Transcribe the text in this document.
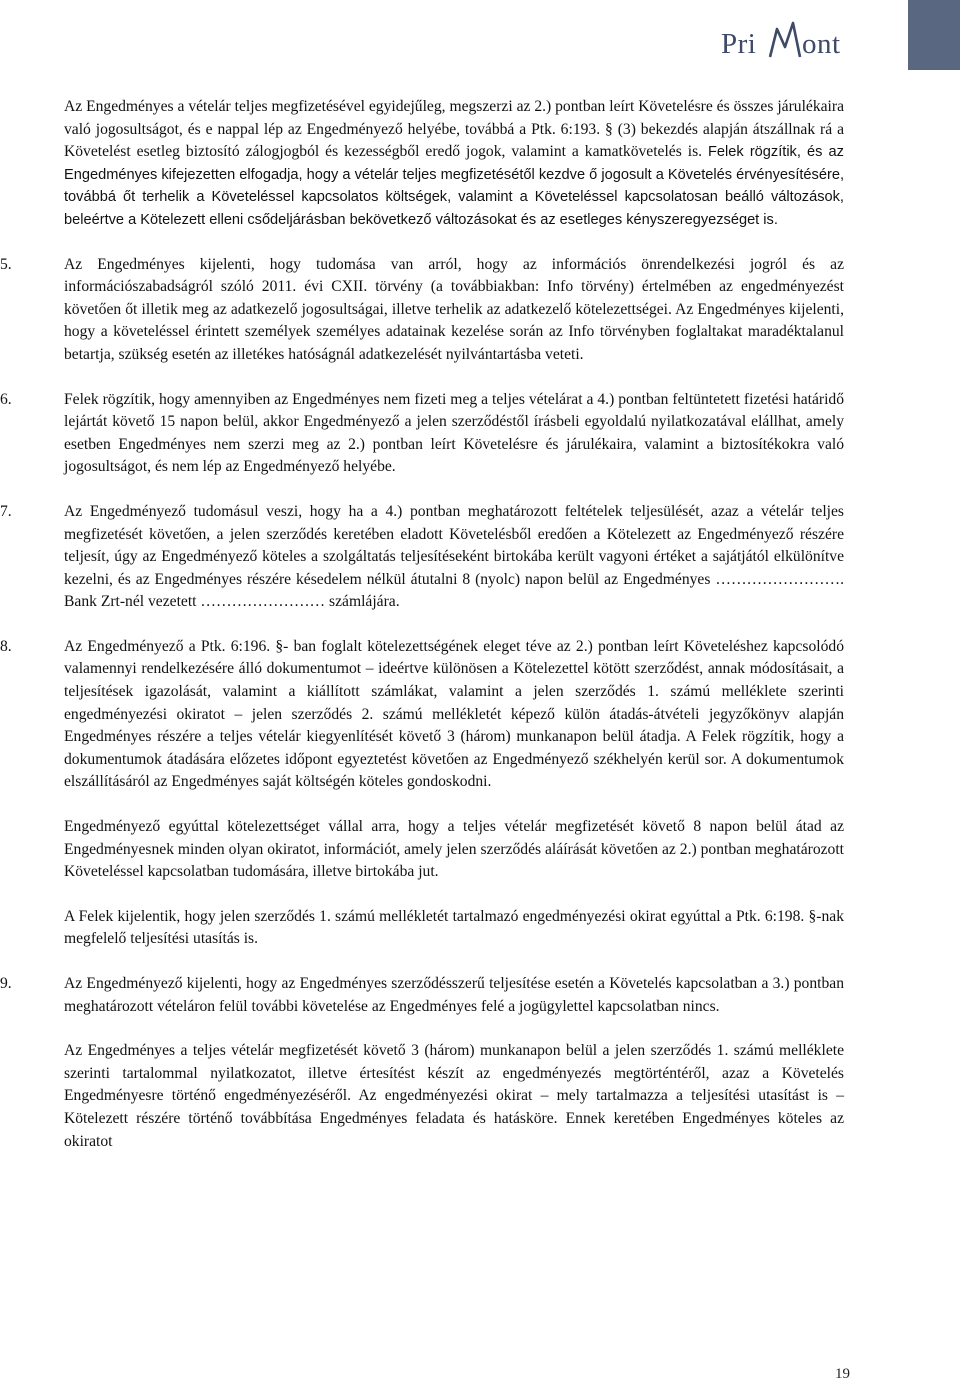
Pri ont

Az Engedményes a vételár teljes megfizetésével egyidejűleg, megszerzi az 2.) pontban leírt Követelésre és összes járulékaira való jogosultságot, és e nappal lép az Engedményező helyébe, továbbá a Ptk. 6:193. § (3) bekezdés alapján átszállnak rá a Követelést esetleg biztosító zálogjogból és kezességből eredő jogok, valamint a kamatkövetelés is. Felek rögzítik, és az Engedményes kifejezetten elfogadja, hogy a vételár teljes megfizetésétől kezdve ő jogosult a Követelés érvényesítésére, továbbá őt terhelik a Követeléssel kapcsolatos költségek, valamint a Követeléssel kapcsolatosan beálló változások, beleértve a Kötelezett elleni csődeljárásban bekövetkező változásokat és az esetleges kényszeregyezséget is.

5.	Az Engedményes kijelenti, hogy tudomása van arról, hogy az információs önrendelkezési jogról és az információszabadságról szóló 2011. évi CXII. törvény (a továbbiakban: Info törvény) értelmében az engedményezést követően őt illetik meg az adatkezelő jogosultságai, illetve terhelik az adatkezelő kötelezettségei. Az Engedményes kijelenti, hogy a követeléssel érintett személyek személyes adatainak kezelése során az Info törvényben foglaltakat maradéktalanul betartja, szükség esetén az illetékes hatóságnál adatkezelését nyilvántartásba veteti.

6.	Felek rögzítik, hogy amennyiben az Engedményes nem fizeti meg a teljes vételárat a 4.) pontban feltüntetett fizetési határidő lejártát követő 15 napon belül, akkor Engedményező a jelen szerződéstől írásbeli egyoldalú nyilatkozatával elállhat, amely esetben Engedményes nem szerzi meg az 2.) pontban leírt Követelésre és járulékaira, valamint a biztosítékokra való jogosultságot, és nem lép az Engedményező helyébe.

7.	Az Engedményező tudomásul veszi, hogy ha a 4.) pontban meghatározott feltételek teljesülését, azaz a vételár teljes megfizetését követően, a jelen szerződés keretében eladott Követelésből eredően a Kötelezett az Engedményező részére teljesít, úgy az Engedményező köteles a szolgáltatás teljesítéseként birtokába került vagyoni értéket a sajátjától elkülönítve kezelni, és az Engedményes részére késedelem nélkül átutalni 8 (nyolc) napon belül az Engedményes ……………………. Bank Zrt-nél vezetett …………………… számlájára.

8.	Az Engedményező a Ptk. 6:196. §- ban foglalt kötelezettségének eleget téve az 2.) pontban leírt Követeléshez kapcsolódó valamennyi rendelkezésére álló dokumentumot – ideértve különösen a Kötelezettel kötött szerződést, annak módosításait, a teljesítések igazolását, valamint a kiállított számlákat, valamint a jelen szerződés 1. számú melléklete szerinti engedményezési okiratot – jelen szerződés 2. számú mellékletét képező külön átadás-átvételi jegyzőkönyv alapján Engedményes részére a teljes vételár kiegyenlítését követő 3 (három) munkanapon belül átadja. A Felek rögzítik, hogy a dokumentumok átadására előzetes időpont egyeztetést követően az Engedményező székhelyén kerül sor. A dokumentumok elszállításáról az Engedményes saját költségén köteles gondoskodni.

Engedményező egyúttal kötelezettséget vállal arra, hogy a teljes vételár megfizetését követő 8 napon belül átad az Engedményesnek minden olyan okiratot, információt, amely jelen szerződés aláírását követően az 2.) pontban meghatározott Követeléssel kapcsolatban tudomására, illetve birtokába jut.

A Felek kijelentik, hogy jelen szerződés 1. számú mellékletét tartalmazó engedményezési okirat egyúttal a Ptk. 6:198. §-nak megfelelő teljesítési utasítás is.

9.	Az Engedményező kijelenti, hogy az Engedményes szerződésszerű teljesítése esetén a Követelés kapcsolatban a 3.) pontban meghatározott vételáron felül további követelése az Engedményes felé a jogügylettel kapcsolatban nincs.

Az Engedményes a teljes vételár megfizetését követő 3 (három) munkanapon belül a jelen szerződés 1. számú melléklete szerinti tartalommal nyilatkozatot, illetve értesítést készít az engedményezés megtörténtéről, azaz a Követelés Engedményesre történő engedményezéséről. Az engedményezési okirat – mely tartalmazza a teljesítési utasítást is – Kötelezett részére történő továbbítása Engedményes feladata és hatásköre. Ennek keretében Engedményes köteles az okiratot

19
